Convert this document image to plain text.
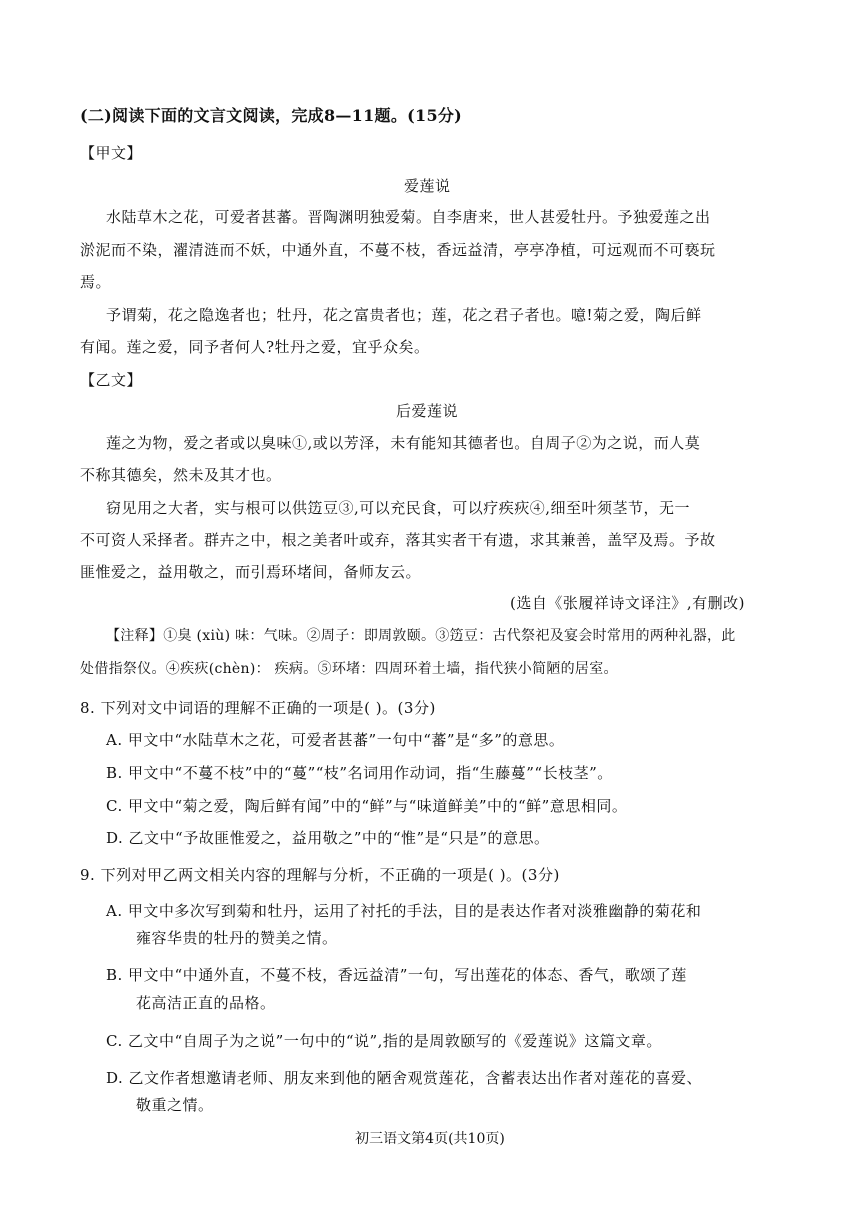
(二)阅读下面的文言文阅读，完成8—11题。(15分)
【甲文】
爱莲说
水陆草木之花，可爱者甚蕃。晋陶渊明独爱菊。自李唐来，世人甚爱牡丹。予独爱莲之出
淤泥而不染，濯清涟而不妖，中通外直，不蔓不枝，香远益清，亭亭净植，可远观而不可亵玩
焉。
予谓菊，花之隐逸者也；牡丹，花之富贵者也；莲，花之君子者也。噫!菊之爱，陶后鲜
有闻。莲之爱，同予者何人?牡丹之爱，宜乎众矣。
【乙文】
后爱莲说
莲之为物，爱之者或以臭味①,或以芳泽，未有能知其德者也。自周子②为之说，而人莫
不称其德矣，然未及其才也。
窃见用之大者，实与根可以供笾豆③,可以充民食，可以疗疾疢④,细至叶须茎节，无一
不可资人采择者。群卉之中，根之美者叶或弃，落其实者干有遗，求其兼善，盖罕及焉。予故
匪惟爱之，益用敬之，而引焉环堵间，备师友云。
(选自《张履祥诗文译注》,有删改)
【注释】①臭 (xiù) 味：气味。②周子：即周敦颐。③笾豆：古代祭祀及宴会时常用的两种礼器，此
处借指祭仪。④疾疢(chèn)： 疾病。⑤环堵：四周环着土墙，指代狭小简陋的居室。
8. 下列对文中词语的理解不正确的一项是( )。(3分)
A. 甲文中“水陆草木之花，可爱者甚蕃”一句中“蕃”是“多”的意思。
B. 甲文中“不蔓不枝”中的“蔓”“枝”名词用作动词，指“生藤蔓”“长枝茎”。
C. 甲文中“菊之爱，陶后鲜有闻”中的“鲜”与“味道鲜美”中的“鲜”意思相同。
D. 乙文中“予故匪惟爱之，益用敬之”中的“惟”是“只是”的意思。
9. 下列对甲乙两文相关内容的理解与分析，不正确的一项是( )。(3分)
A. 甲文中多次写到菊和牡丹，运用了衬托的手法，目的是表达作者对淡雅幽静的菊花和
雍容华贵的牡丹的赞美之情。
B. 甲文中“中通外直，不蔓不枝，香远益清”一句，写出莲花的体态、香气，歌颂了莲
花高洁正直的品格。
C. 乙文中“自周子为之说”一句中的“说”,指的是周敦颐写的《爱莲说》这篇文章。
D. 乙文作者想邀请老师、朋友来到他的陋舍观赏莲花，含蓄表达出作者对莲花的喜爱、
敬重之情。
初三语文第4页(共10页)
